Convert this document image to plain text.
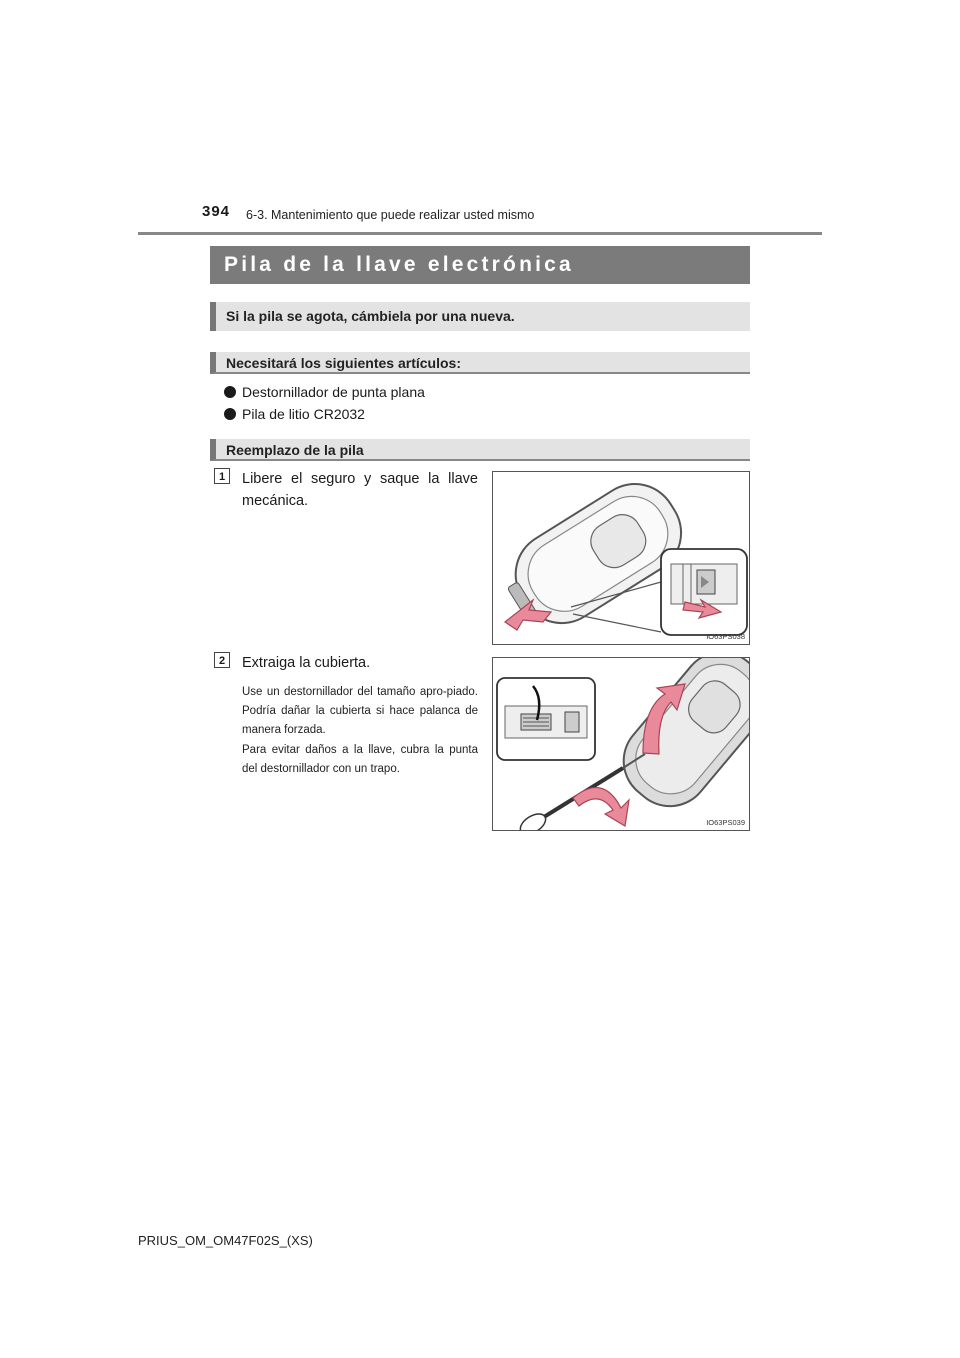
394 6-3. Mantenimiento que puede realizar usted mismo
Pila de la llave electrónica
Si la pila se agota, cámbiela por una nueva.
Necesitará los siguientes artículos:
Destornillador de punta plana
Pila de litio CR2032
Reemplazo de la pila
1	Libere el seguro y saque la llave mecánica.
IO63PS038
2	Extraiga la cubierta.
Use un destornillador del tamaño apro-piado. Podría dañar la cubierta si hace palanca de manera forzada.
Para evitar daños a la llave, cubra la punta del destornillador con un trapo.
IO63PS039
PRIUS_OM_OM47F02S_(XS)
